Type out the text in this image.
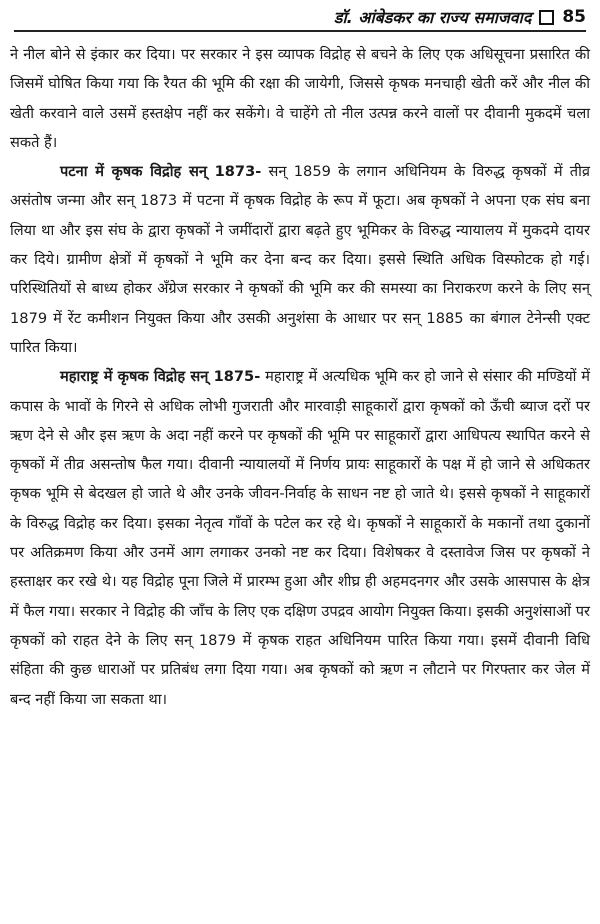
डॉ. आंबेडकर का राज्य समाजवाद 85

ने नील बोने से इंकार कर दिया। पर सरकार ने इस व्यापक विद्रोह से बचने के लिए एक अधिसूचना प्रसारित की जिसमें घोषित किया गया कि रैयत की भूमि की रक्षा की जायेगी, जिससे कृषक मनचाही खेती करें और नील की खेती करवाने वाले उसमें हस्तक्षेप नहीं कर सकेंगे। वे चाहेंगे तो नील उत्पन्न करने वालों पर दीवानी मुकदमें चला सकते हैं।

पटना में कृषक विद्रोह सन् 1873- सन् 1859 के लगान अधिनियम के विरुद्ध कृषकों में तीव्र असंतोष जन्मा और सन् 1873 में पटना में कृषक विद्रोह के रूप में फूटा। अब कृषकों ने अपना एक संघ बना लिया था और इस संघ के द्वारा कृषकों ने जमींदारों द्वारा बढ़ते हुए भूमिकर के विरुद्ध न्यायालय में मुकदमे दायर कर दिये। ग्रामीण क्षेत्रों में कृषकों ने भूमि कर देना बन्द कर दिया। इससे स्थिति अधिक विस्फोटक हो गई। परिस्थितियों से बाध्य होकर अँग्रेज सरकार ने कृषकों की भूमि कर की समस्या का निराकरण करने के लिए सन् 1879 में रेंट कमीशन नियुक्त किया और उसकी अनुशंसा के आधार पर सन् 1885 का बंगाल टेनेन्सी एक्ट पारित किया।

महाराष्ट्र में कृषक विद्रोह सन् 1875- महाराष्ट्र में अत्यधिक भूमि कर हो जाने से संसार की मण्डियों में कपास के भावों के गिरने से अधिक लोभी गुजराती और मारवाड़ी साहूकारों द्वारा कृषकों को ऊँची ब्याज दरों पर ऋण देने से और इस ऋण के अदा नहीं करने पर कृषकों की भूमि पर साहूकारों द्वारा आधिपत्य स्थापित करने से कृषकों में तीव्र असन्तोष फैल गया। दीवानी न्यायालयों में निर्णय प्रायः साहूकारों के पक्ष में हो जाने से अधिकतर कृषक भूमि से बेदखल हो जाते थे और उनके जीवन-निर्वाह के साधन नष्ट हो जाते थे। इससे कृषकों ने साहूकारों के विरुद्ध विद्रोह कर दिया। इसका नेतृत्व गाँवों के पटेल कर रहे थे। कृषकों ने साहूकारों के मकानों तथा दुकानों पर अतिक्रमण किया और उनमें आग लगाकर उनको नष्ट कर दिया। विशेषकर वे दस्तावेज जिस पर कृषकों ने हस्ताक्षर कर रखे थे। यह विद्रोह पूना जिले में प्रारम्भ हुआ और शीघ्र ही अहमदनगर और उसके आसपास के क्षेत्र में फैल गया। सरकार ने विद्रोह की जाँच के लिए एक दक्षिण उपद्रव आयोग नियुक्त किया। इसकी अनुशंसाओं पर कृषकों को राहत देने के लिए सन् 1879 में कृषक राहत अधिनियम पारित किया गया। इसमें दीवानी विधि संहिता की कुछ धाराओं पर प्रतिबंध लगा दिया गया। अब कृषकों को ऋण न लौटाने पर गिरफ्तार कर जेल में बन्द नहीं किया जा सकता था।
